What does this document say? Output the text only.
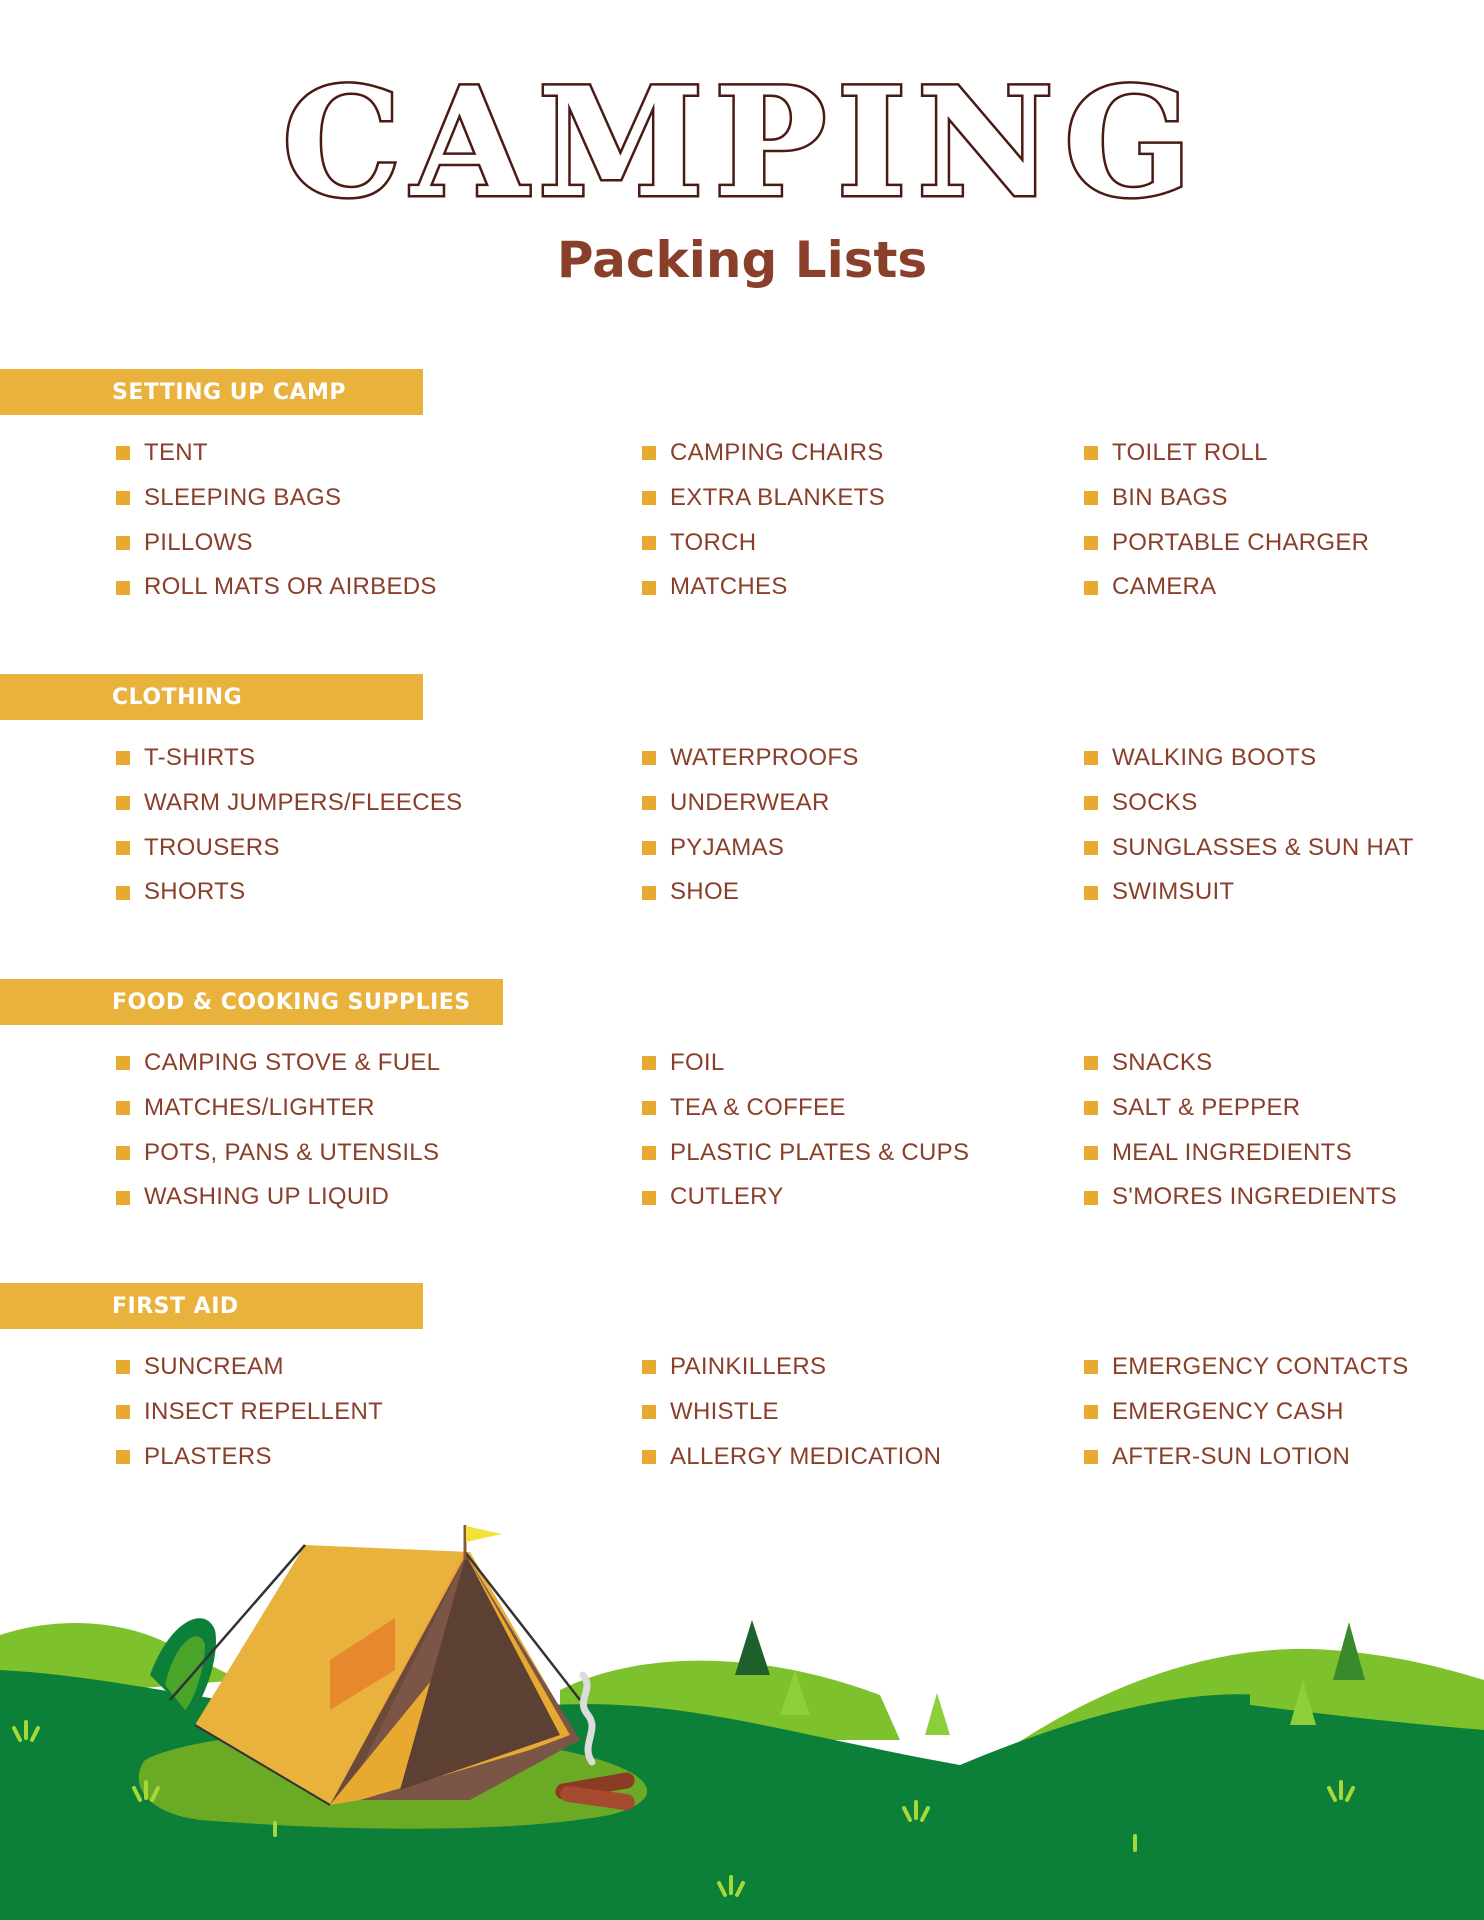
CAMPING
Packing Lists
SETTING UP CAMP
TENT
SLEEPING BAGS
PILLOWS
ROLL MATS OR AIRBEDS
CAMPING CHAIRS
EXTRA BLANKETS
TORCH
MATCHES
TOILET ROLL
BIN BAGS
PORTABLE CHARGER
CAMERA
CLOTHING
T-SHIRTS
WARM JUMPERS/FLEECES
TROUSERS
SHORTS
WATERPROOFS
UNDERWEAR
PYJAMAS
SHOE
WALKING BOOTS
SOCKS
SUNGLASSES & SUN HAT
SWIMSUIT
FOOD & COOKING SUPPLIES
CAMPING STOVE & FUEL
MATCHES/LIGHTER
POTS, PANS & UTENSILS
WASHING UP LIQUID
FOIL
TEA & COFFEE
PLASTIC PLATES & CUPS
CUTLERY
SNACKS
SALT & PEPPER
MEAL INGREDIENTS
S'MORES INGREDIENTS
FIRST AID
SUNCREAM
INSECT REPELLENT
PLASTERS
PAINKILLERS
WHISTLE
ALLERGY MEDICATION
EMERGENCY CONTACTS
EMERGENCY CASH
AFTER-SUN LOTION
